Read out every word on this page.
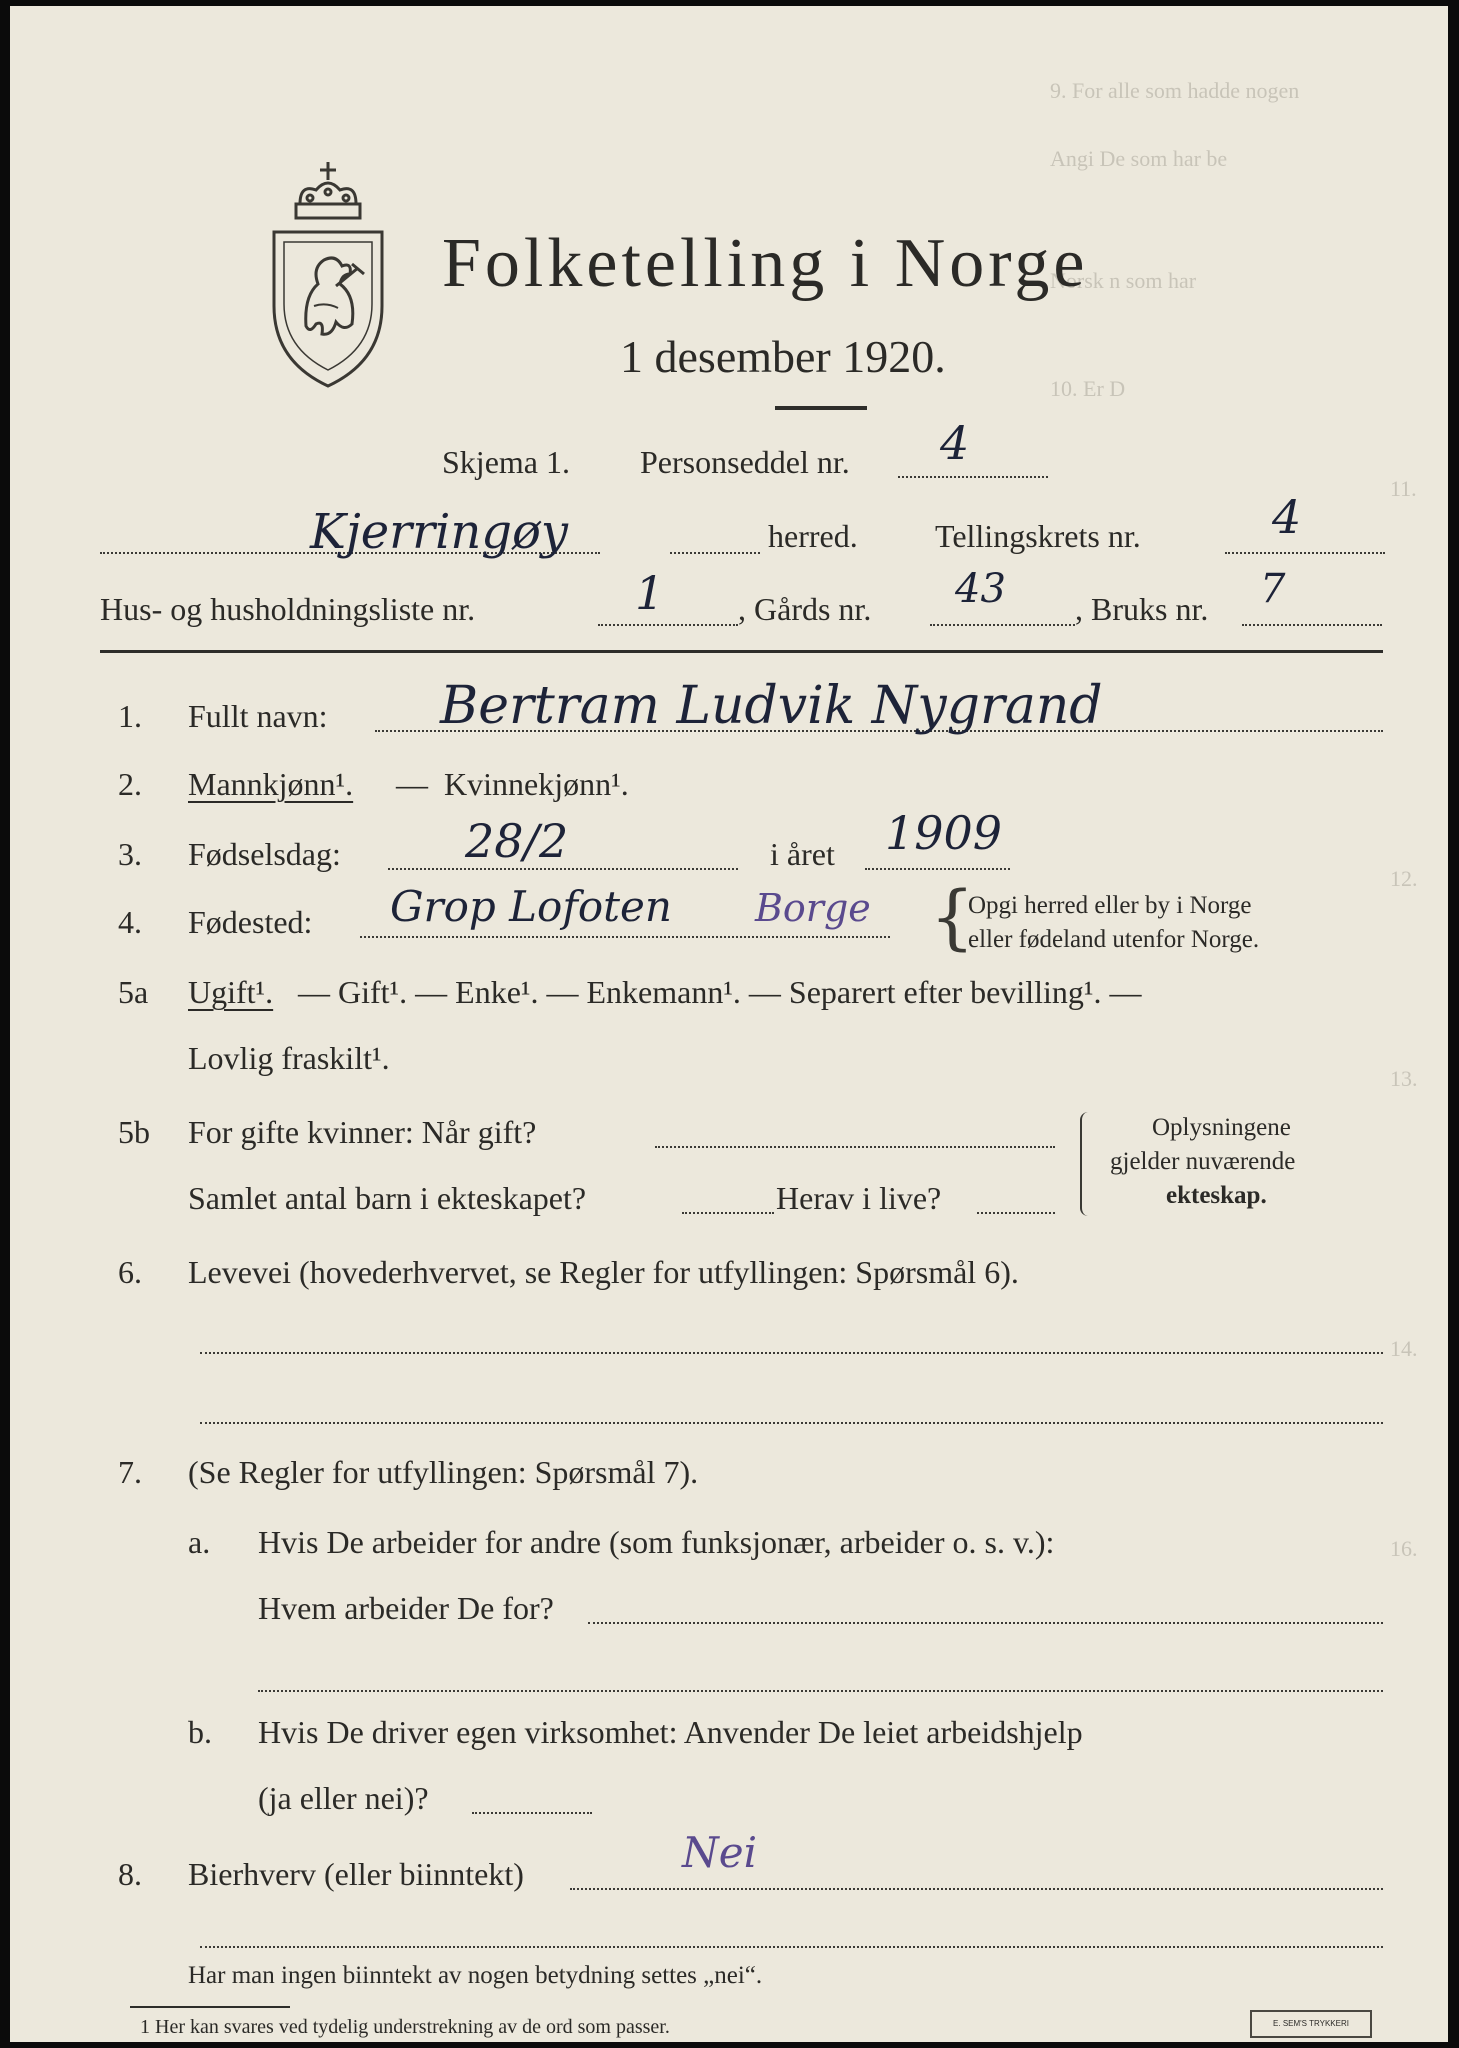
9. For alle som hadde nogen
Angi De som har be
Norsk n som har
10. Er D
11.
12.
13.
14.
16.
Folketelling i Norge
1 desember 1920.
Skjema 1. Personseddel nr. 4
Kjerringøy	herred. Tellingskrets nr.	4
Hus- og husholdningsliste nr.	1 , Gårds nr. 43 , Bruks nr. 7
1. Fullt navn: Bertram Ludvik Nygrand
2. Mannkjønn¹. — Kvinnekjønn¹.
3. Fødselsdag:	28/2	i året 1909
4. Fødested: Grop Lofoten Borge {
Opgi herred eller by i Norge
eller fødeland utenfor Norge.
5a Ugift¹. — Gift¹. — Enke¹. — Enkemann¹. — Separert efter bevilling¹. —
Lovlig fraskilt¹.
5b For gifte kvinner: Når gift?
Samlet antal barn i ekteskapet?	Herav i live?
Oplysningene
gjelder nuværende
ekteskap.
6. Levevei (hovederhvervet, se Regler for utfyllingen: Spørsmål 6).
7. (Se Regler for utfyllingen: Spørsmål 7).
a. Hvis De arbeider for andre (som funksjonær, arbeider o. s. v.):
Hvem arbeider De for?
b. Hvis De driver egen virksomhet: Anvender De leiet arbeidshjelp
(ja eller nei)?
8. Bierhverv (eller biinntekt)	Nei
Har man ingen biinntekt av nogen betydning settes „nei“.
1 Her kan svares ved tydelig understrekning av de ord som passer.	E. SEM'S TRYKKERI
